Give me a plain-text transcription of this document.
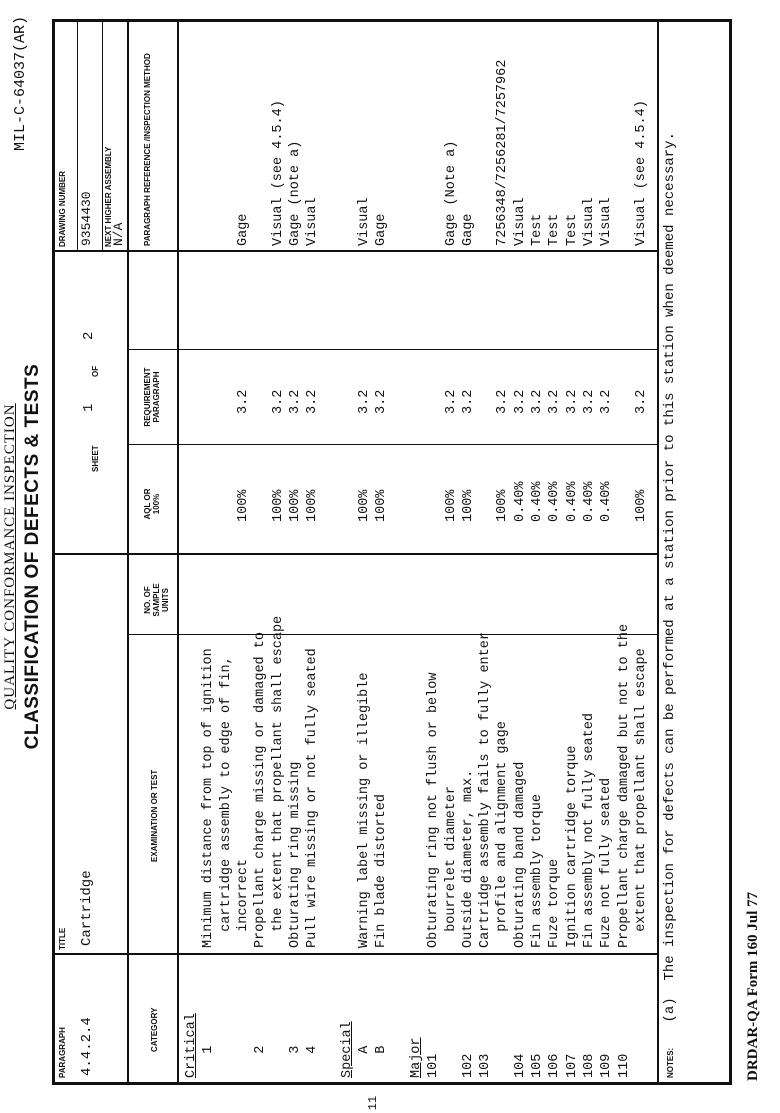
QUALITY CONFORMANCE INSPECTION CLASSIFICATION OF DEFECTS & TESTS
MIL-C-64037(AR)
PARAGRAPH 4.4.2.4
TITLE Cartridge
SHEET
1
OF
2
DRAWING NUMBER 9354430 NEXT HIGHER ASSEMBLY
N/A
CATEGORY
EXAMINATION OR TEST
NO. OF SAMPLE UNITS
AQL OR 100%
REQUIREMENT PARAGRAPH
PARAGRAPH REFERENCE /INSPECTION METHOD
Critical 1
Minimum distance from top of ignition cartridge assembly to edge of fin, incorrect
100%
3.2
Gage
2
Propellant charge missing or damaged to the extent that propellant shall escape
100%
3.2
Visual (see 4.5.4)
3
Obturating ring missing
100%
3.2
Gage (note a)
4
Pull wire missing or not fully seated
100%
3.2
Visual
Special A
Warning label missing or illegible
100%
3.2
Visual
B
Fin blade distorted
100%
3.2
Gage
Major 101
Obturating ring not flush or below bourrelet diameter
100%
3.2
Gage (Note a)
102
Outside diameter, max.
100%
3.2
Gage
103
Cartridge assembly fails to fully enter profile and alignment gage
100%
3.2
7256348/7256281/7257962
104
Obturating band damaged
0.40%
3.2
Visual
105
Fin assembly torque
0.40%
3.2
Test
106
Fuze torque
0.40%
3.2
Test
107
Ignition cartridge torque
0.40%
3.2
Test
108
Fin assembly not fully seated
0.40%
3.2
Visual
109
Fuze not fully seated
0.40%
3.2
Visual
110
Propellant charge damaged but not to the extent that propellant shall escape
100%
3.2
Visual (see 4.5.4)
NOTES:   (a)  The inspection for defects can be performed at a station prior to this station when deemed necessary.	DRDAR-QA Form 160 Jul 77
11
